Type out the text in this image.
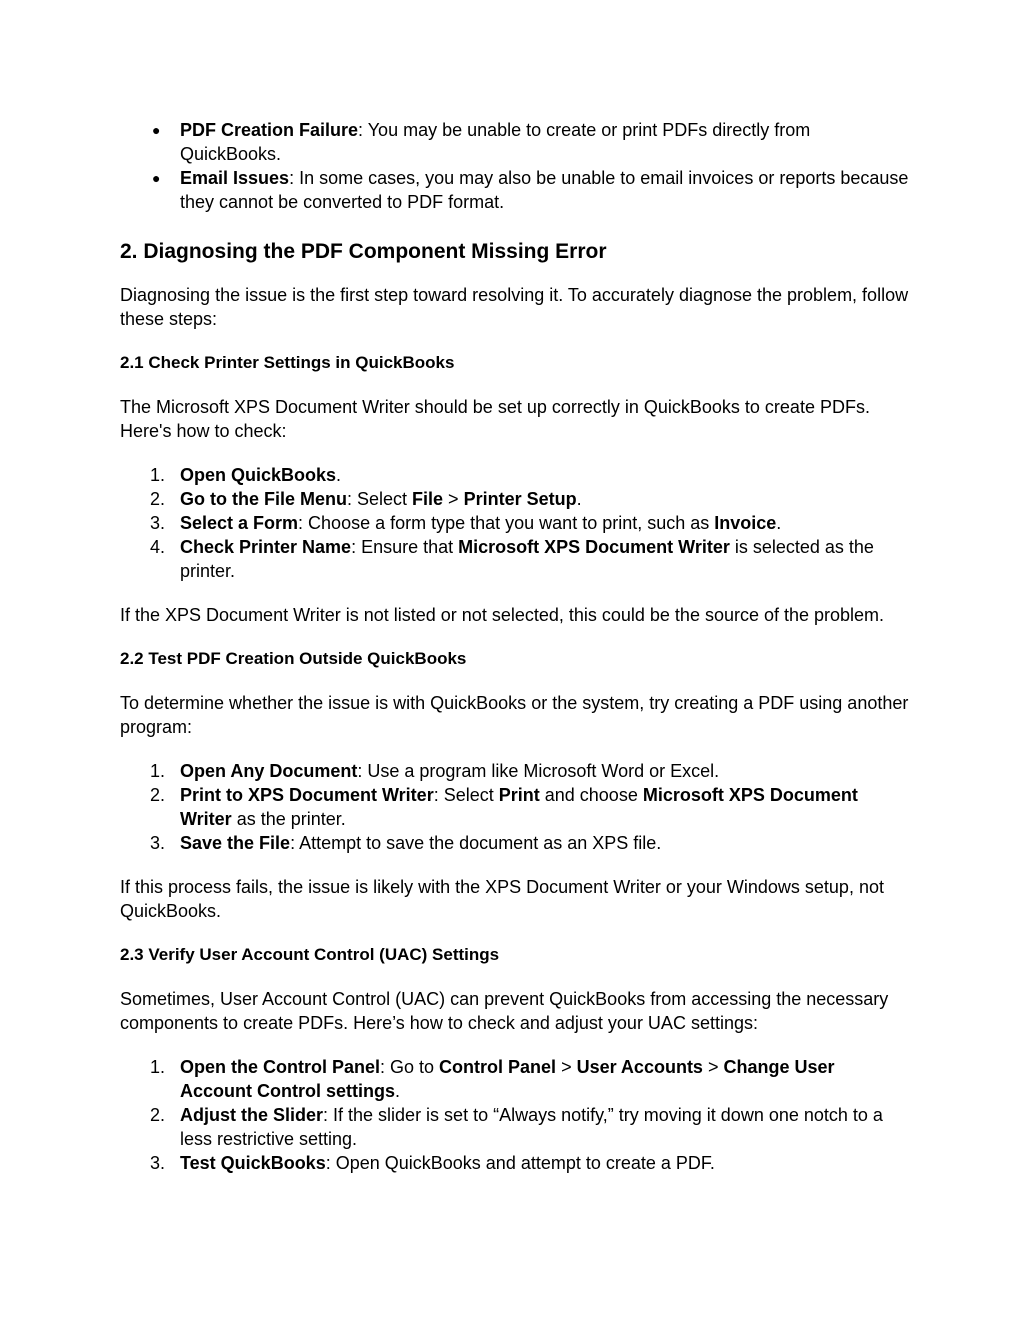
● PDF Creation Failure: You may be unable to create or print PDFs directly from QuickBooks.
● Email Issues: In some cases, you may also be unable to email invoices or reports because they cannot be converted to PDF format.
2. Diagnosing the PDF Component Missing Error

Diagnosing the issue is the first step toward resolving it. To accurately diagnose the problem, follow these steps:

2.1 Check Printer Settings in QuickBooks

The Microsoft XPS Document Writer should be set up correctly in QuickBooks to create PDFs. Here's how to check:

1. Open QuickBooks.
2. Go to the File Menu: Select File > Printer Setup.
3. Select a Form: Choose a form type that you want to print, such as Invoice.
4. Check Printer Name: Ensure that Microsoft XPS Document Writer is selected as the printer.

If the XPS Document Writer is not listed or not selected, this could be the source of the problem.

2.2 Test PDF Creation Outside QuickBooks

To determine whether the issue is with QuickBooks or the system, try creating a PDF using another program:

1. Open Any Document: Use a program like Microsoft Word or Excel.
2. Print to XPS Document Writer: Select Print and choose Microsoft XPS Document Writer as the printer.
3. Save the File: Attempt to save the document as an XPS file.

If this process fails, the issue is likely with the XPS Document Writer or your Windows setup, not QuickBooks.

2.3 Verify User Account Control (UAC) Settings

Sometimes, User Account Control (UAC) can prevent QuickBooks from accessing the necessary components to create PDFs. Here’s how to check and adjust your UAC settings:

1. Open the Control Panel: Go to Control Panel > User Accounts > Change User Account Control settings.
2. Adjust the Slider: If the slider is set to “Always notify,” try moving it down one notch to a less restrictive setting.
3. Test QuickBooks: Open QuickBooks and attempt to create a PDF.
